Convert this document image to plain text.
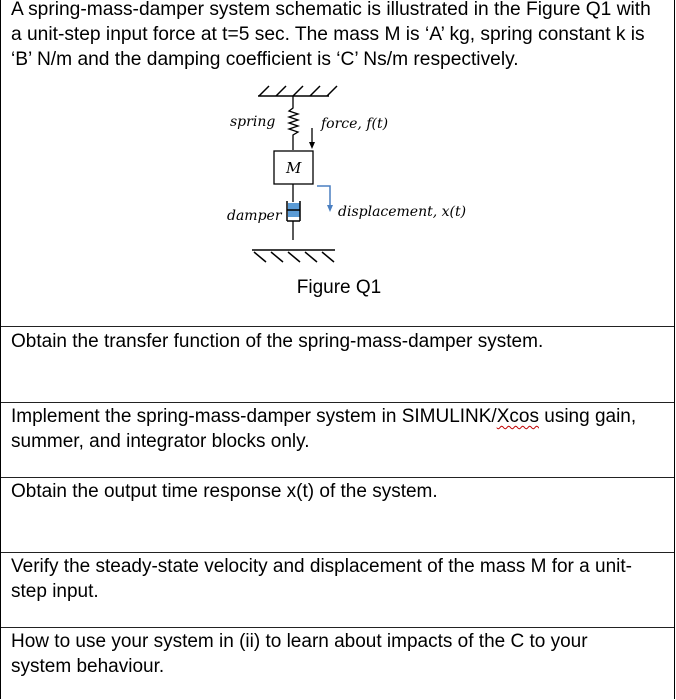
A spring-mass-damper system schematic is illustrated in the Figure Q1 with
a unit-step input force at t=5 sec. The mass M is ‘A’ kg, spring constant k is
‘B’ N/m and the damping coefficient is ‘C’ Ns/m respectively.
spring	force, f(t)
M
damper	displacement, x(t)
Figure Q1
Obtain the transfer function of the spring-mass-damper system.
Implement the spring-mass-damper system in SIMULINK/Xcos using gain,
summer, and integrator blocks only.
Obtain the output time response x(t) of the system.
Verify the steady-state velocity and displacement of the mass M for a unit-
step input.
How to use your system in (ii) to learn about impacts of the C to your
system behaviour.
